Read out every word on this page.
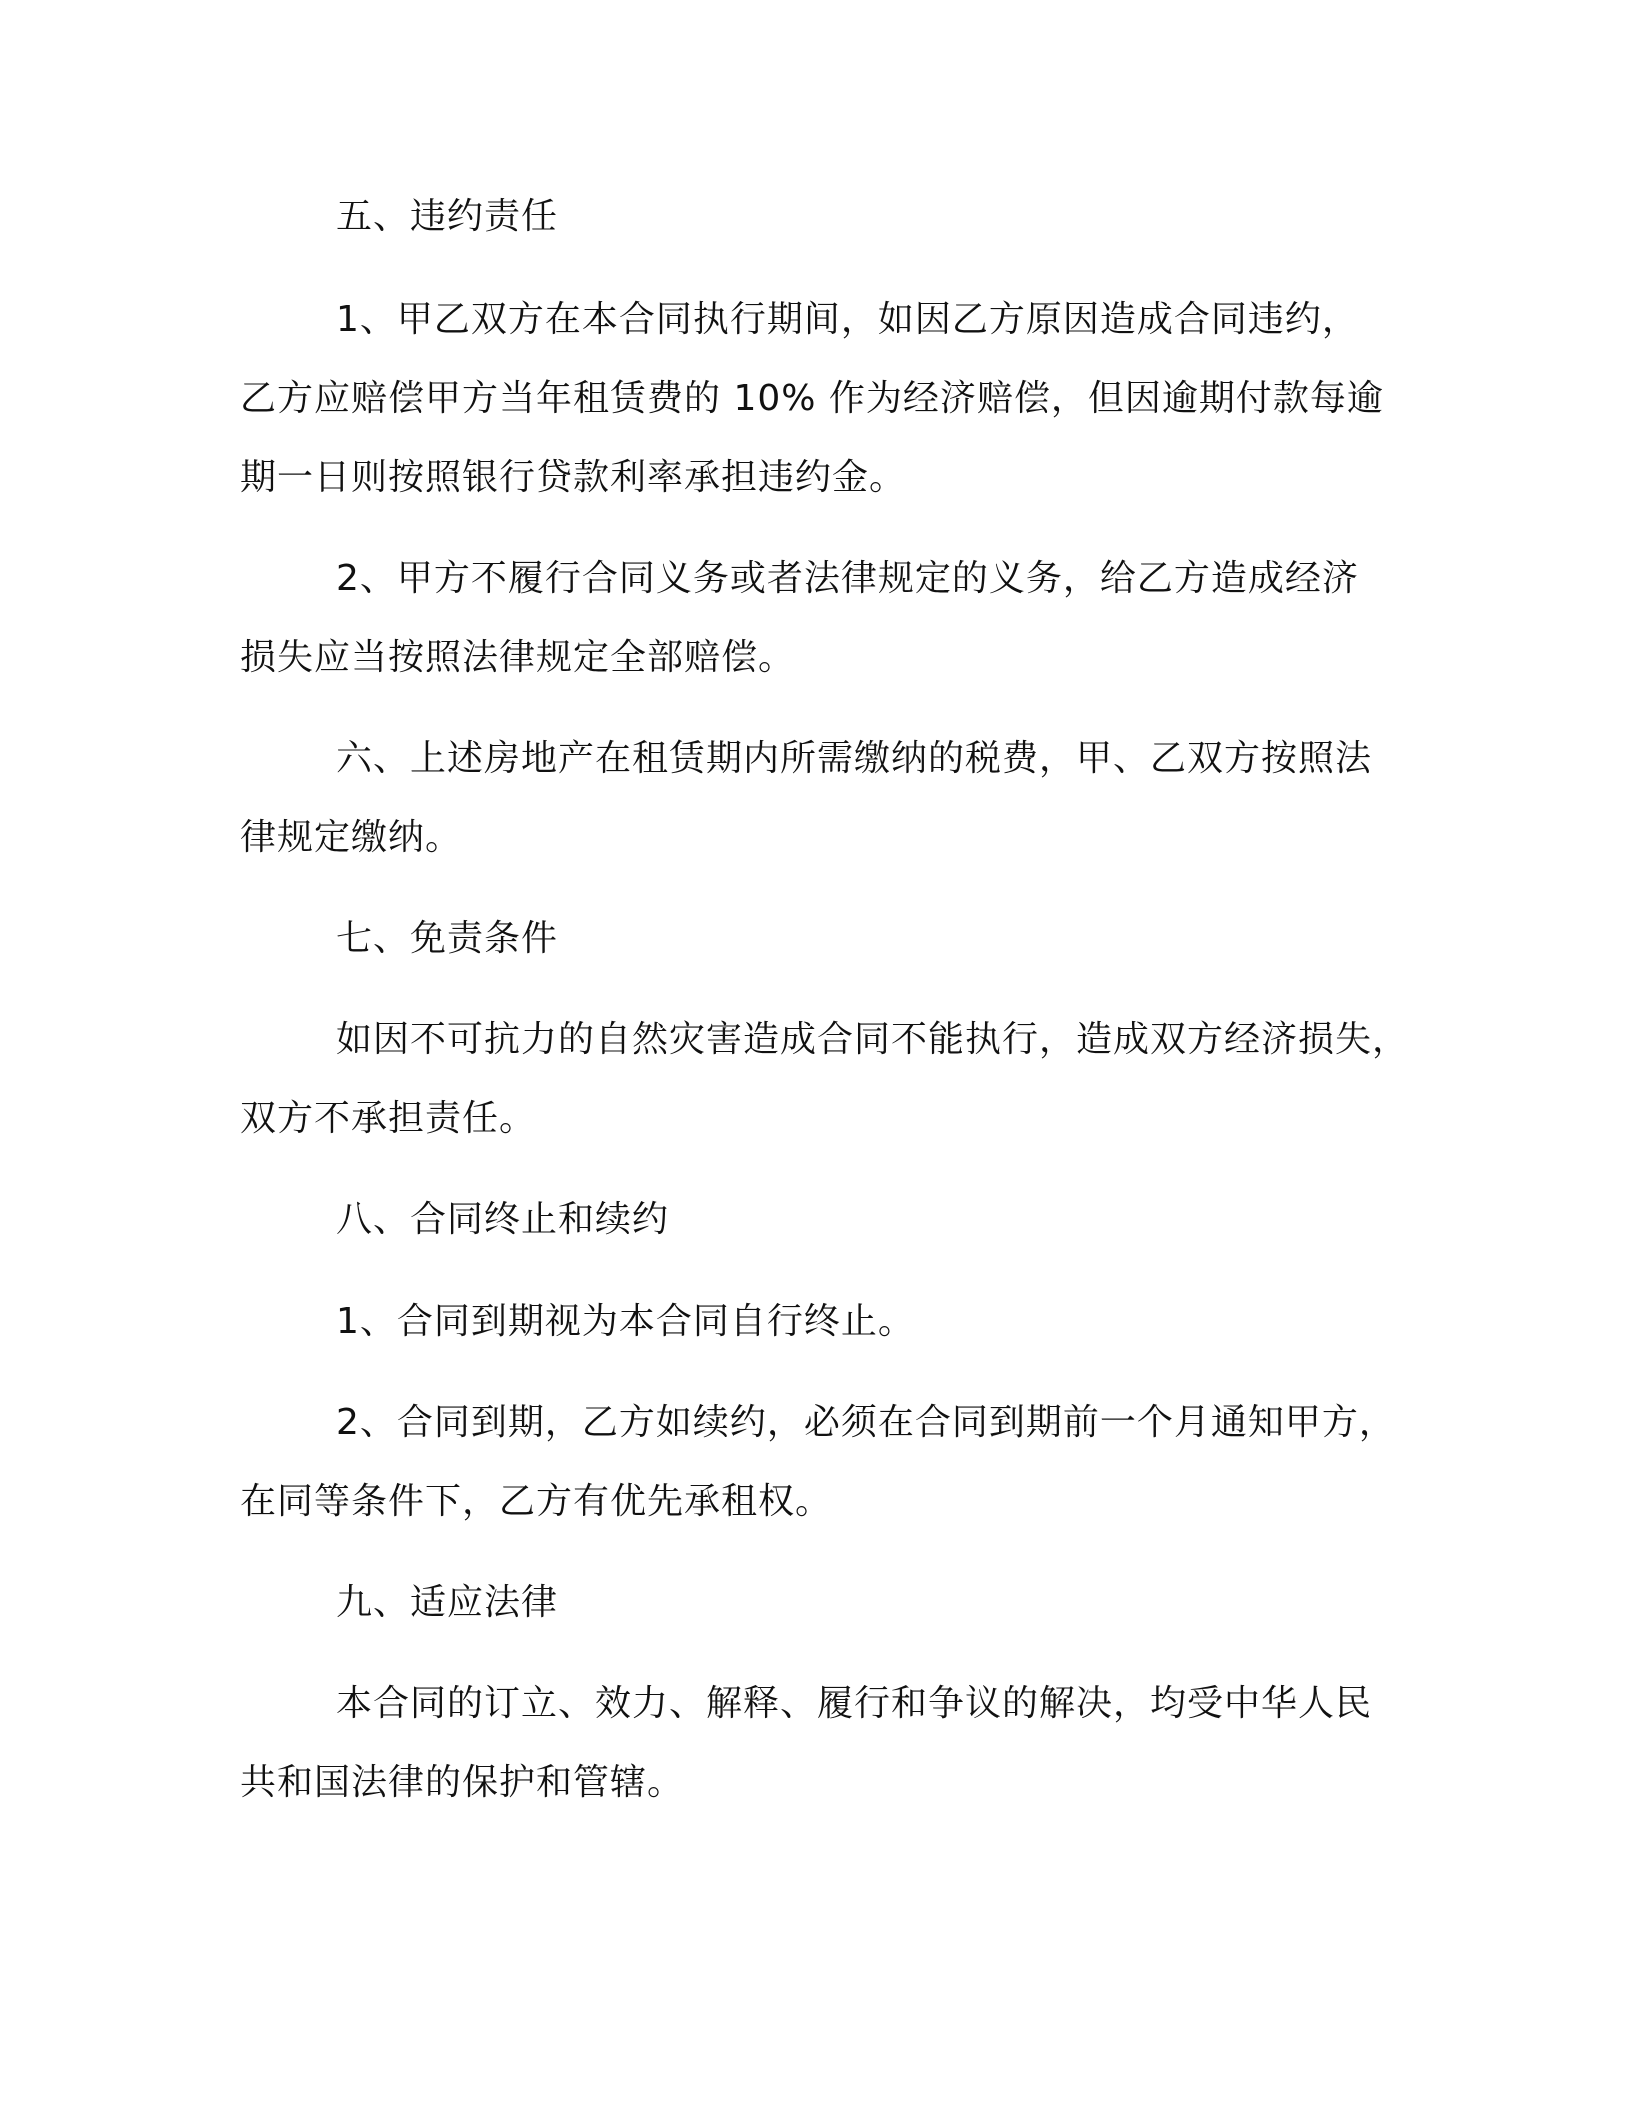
五、违约责任
1、甲乙双方在本合同执行期间，如因乙方原因造成合同违约，
乙方应赔偿甲方当年租赁费的 10% 作为经济赔偿，但因逾期付款每逾
期一日则按照银行贷款利率承担违约金。
2、甲方不履行合同义务或者法律规定的义务，给乙方造成经济
损失应当按照法律规定全部赔偿。
六、上述房地产在租赁期内所需缴纳的税费，甲、乙双方按照法
律规定缴纳。
七、免责条件
如因不可抗力的自然灾害造成合同不能执行，造成双方经济损失，
双方不承担责任。
八、合同终止和续约
1、合同到期视为本合同自行终止。
2、合同到期，乙方如续约，必须在合同到期前一个月通知甲方，
在同等条件下，乙方有优先承租权。
九、适应法律
本合同的订立、效力、解释、履行和争议的解决，均受中华人民
共和国法律的保护和管辖。
